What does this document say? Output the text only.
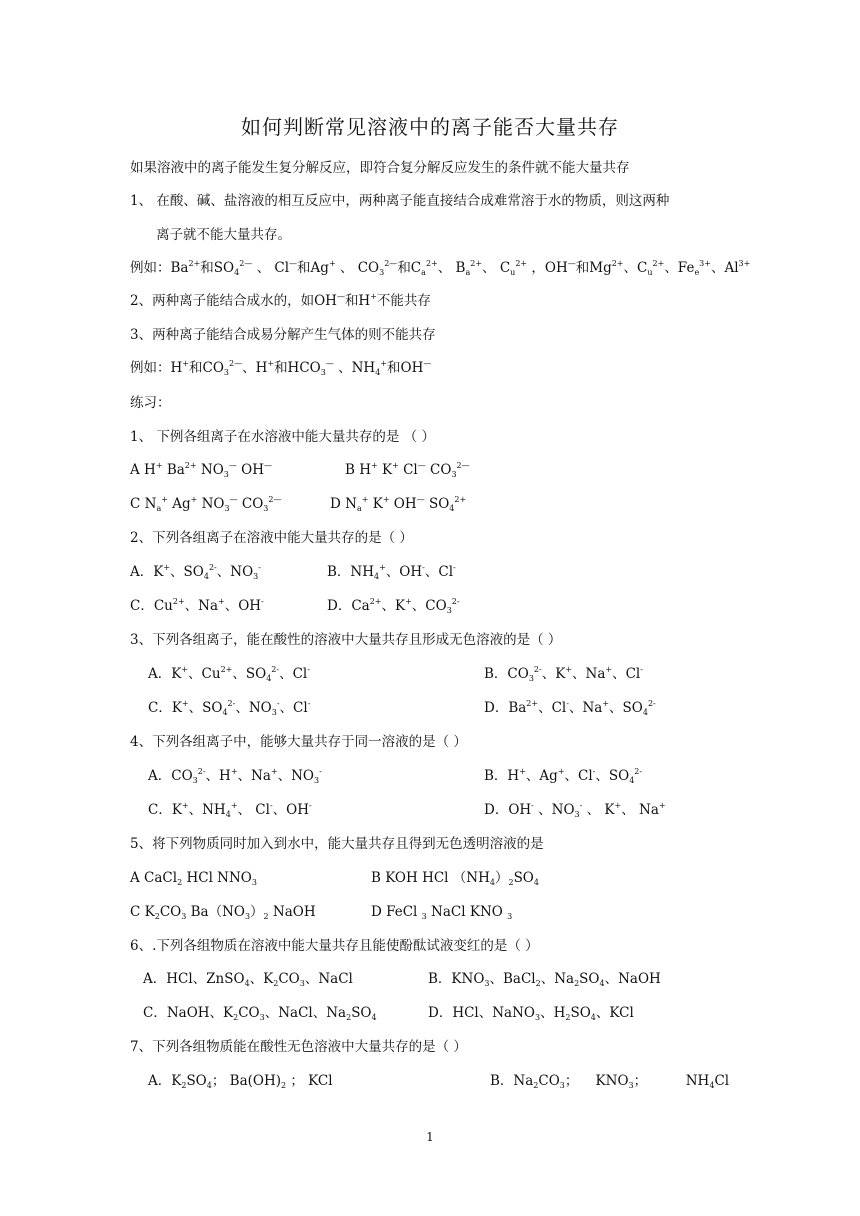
如何判断常见溶液中的离子能否大量共存
如果溶液中的离子能发生复分解反应，即符合复分解反应发生的条件就不能大量共存
1、 在酸、碱、盐溶液的相互反应中，两种离子能直接结合成难常溶于水的物质，则这两种
离子就不能大量共存。
例如：$Ba^{2+}$和$SO_4^{2—}$ 、 Cl—和Ag+ 、 $CO_3^{2—}$和$C_a^{2+}$、 $B_a^{2+}$、 $C_u^{2+}$ ，OH—和$Mg^{2+}$、$C_u^{2+}$、$Fe_e^{3+}$、$Al^{3+}$
2、两种离子能结合成水的，如OH—和H+不能共存
3、两种离子能结合成易分解产生气体的则不能共存
例如：H+和$CO_3^{2—}$、H+和$HCO_3^—$ 、$NH_4^+$和OH—
练习：
1、 下例各组离子在水溶液中能大量共存的是 （ ）
A H+ $Ba^{2+}$ $NO_3^—$ OH—	B H+ K+ Cl— $CO_3^{2—}$
C $N_a^+$ Ag+ $NO_3^—$ $CO_3^{2—}$	D $N_a^+$ K+ OH— $SO_4^{2+}$
2、下列各组离子在溶液中能大量共存的是（ ）
A．K+、$SO_4^{2-}$、$NO_3^-$	B．$NH_4^+$、OH-、Cl-
C．$Cu^{2+}$、Na+、OH-	D．$Ca^{2+}$、K+、$CO_3^{2-}$
3、下列各组离子，能在酸性的溶液中大量共存且形成无色溶液的是（ ）
A．K+、$Cu^{2+}$、$SO_4^{2-}$、Cl-	B．$CO_3^{2-}$、K+、Na+、Cl-
C．K+、$SO_4^{2-}$、$NO_3^-$、Cl-	D．$Ba^{2+}$、Cl-、Na+、$SO_4^{2-}$
4、下列各组离子中，能够大量共存于同一溶液的是（ ）
A．$CO_3^{2-}$、H+、Na+、$NO_3^-$	B．H+、Ag+、Cl-、$SO_4^{2-}$
C．K+、$NH_4^+$、 Cl-、OH-	D．OH- 、$NO_3^-$ 、 K+、 Na+
5、将下列物质同时加入到水中，能大量共存且得到无色透明溶液的是
A CaCl$_2$ HCl $NNO_3$	B KOH HCl $(NH_4)_2SO_4$
C $K_2CO_3$ $Ba(NO_3)_2$ NaOH	D FeCl $_3$ NaCl KNO $_3$
6、.下列各组物质在溶液中能大量共存且能使酚酞试液变红的是（ ）
A．HCl、ZnSO$_4$、$K_2CO_3$、NaCl	B．$KNO_3$、BaCl$_2$、$Na_2SO_4$、NaOH
C．NaOH、$K_2CO_3$、NaCl、$Na_2SO_4$	D．HCl、NaNO$_3$、$H_2SO_4$、KCl
7、下列各组物质能在酸性无色溶液中大量共存的是（ ）
A．$K_2SO_4$； $Ba(OH)_2$ ； KCl	B．$Na_2CO_3$；    $KNO_3$；         $NH_4Cl$
1
